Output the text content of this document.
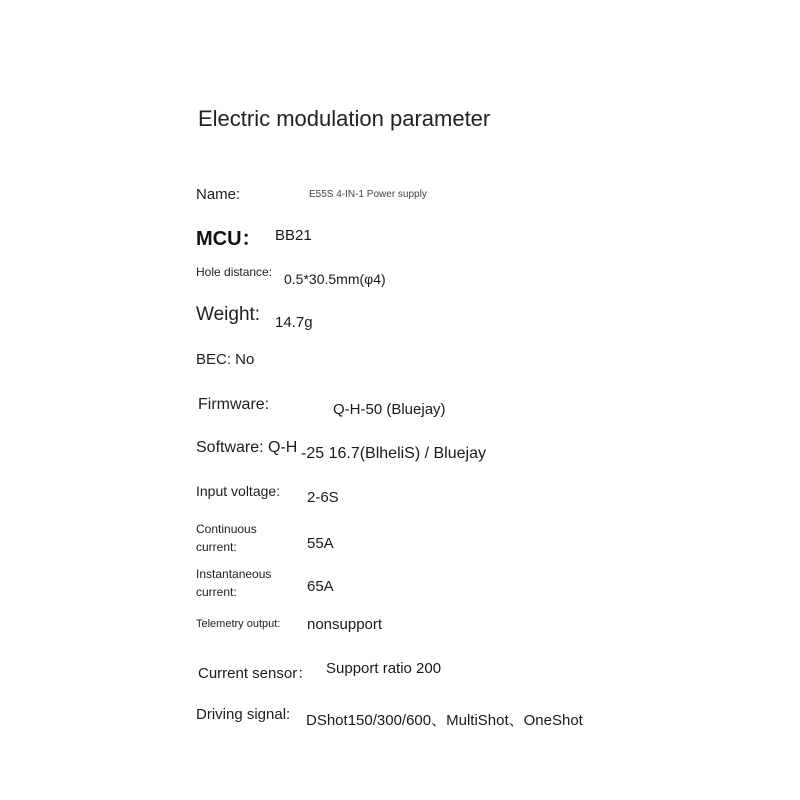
Electric modulation parameter
Name:	E55S 4-IN-1 Power supply
MCU： BB21
Hole distance: 0.5*30.5mm(φ4)
Weight: 14.7g
BEC: No
Firmware:	Q-H-50 (Bluejay)
Software: Q-H -25 16.7(BlheliS) / Bluejay
Input voltage: 2-6S
Continuous
current:	55A
Instantaneous
current:	65A
Telemetry output: nonsupport
Current sensor： Support ratio 200
Driving signal: DShot150/300/600、MultiShot、OneShot
